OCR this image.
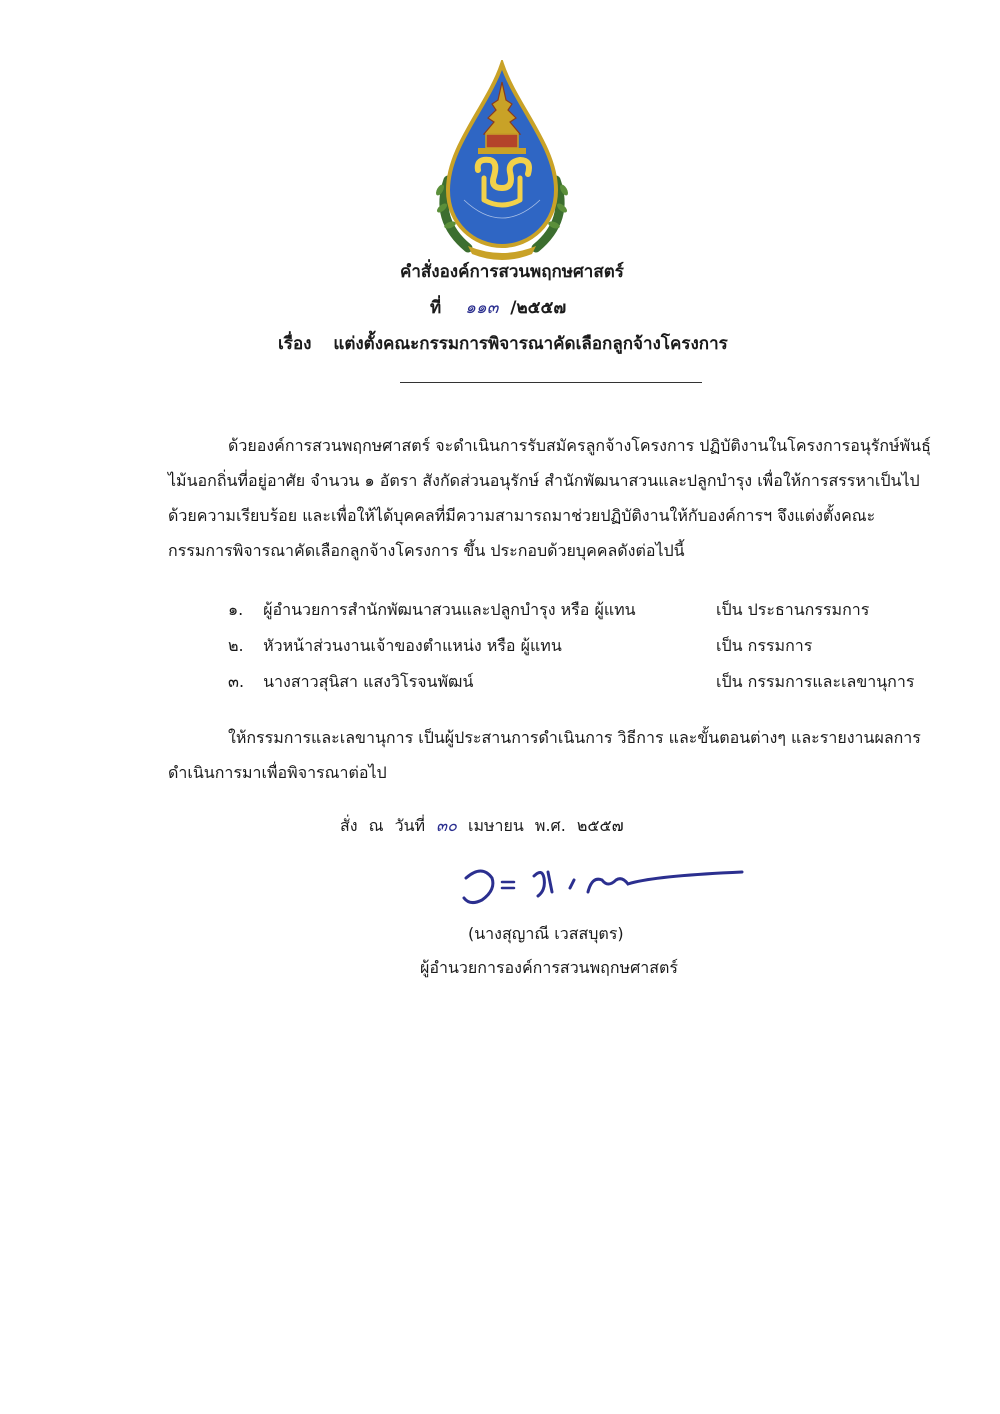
คำสั่งองค์การสวนพฤกษศาสตร์
ที่ ๑๑๓ /๒๕๕๗
เรื่อง แต่งตั้งคณะกรรมการพิจารณาคัดเลือกลูกจ้างโครงการ
ด้วยองค์การสวนพฤกษศาสตร์ จะดำเนินการรับสมัครลูกจ้างโครงการ ปฏิบัติงานในโครงการอนุรักษ์พันธุ์ไม้นอกถิ่นที่อยู่อาศัย จำนวน ๑ อัตรา สังกัดส่วนอนุรักษ์ สำนักพัฒนาสวนและปลูกบำรุง เพื่อให้การสรรหาเป็นไปด้วยความเรียบร้อย และเพื่อให้ได้บุคคลที่มีความสามารถมาช่วยปฏิบัติงานให้กับองค์การฯ จึงแต่งตั้งคณะกรรมการพิจารณาคัดเลือกลูกจ้างโครงการ ขึ้น ประกอบด้วยบุคคลดังต่อไปนี้
๑. ผู้อำนวยการสำนักพัฒนาสวนและปลูกบำรุง หรือ ผู้แทน	เป็น ประธานกรรมการ
๒. หัวหน้าส่วนงานเจ้าของตำแหน่ง หรือ ผู้แทน	เป็น กรรมการ
๓. นางสาวสุนิสา แสงวิโรจนพัฒน์	เป็น กรรมการและเลขานุการ
ให้กรรมการและเลขานุการ เป็นผู้ประสานการดำเนินการ วิธีการ และขั้นตอนต่างๆ และรายงานผลการดำเนินการมาเพื่อพิจารณาต่อไป
สั่ง ณ วันที่ ๓๐ เมษายน พ.ศ. ๒๕๕๗
(นางสุญาณี เวสสบุตร)
ผู้อำนวยการองค์การสวนพฤกษศาสตร์
